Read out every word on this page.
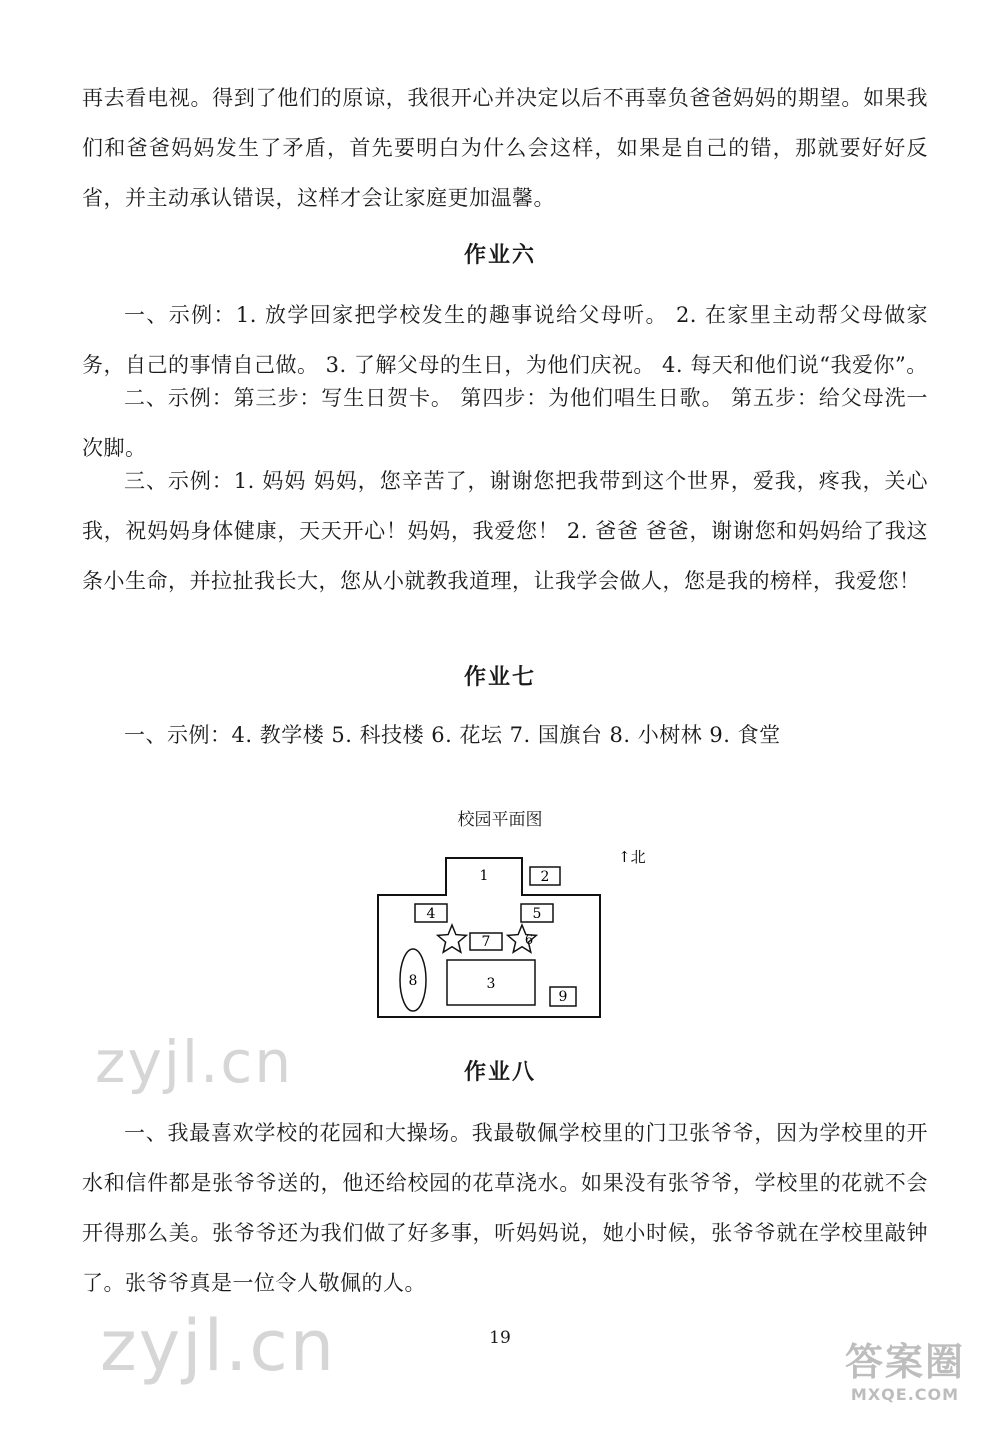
再去看电视。得到了他们的原谅，我很开心并决定以后不再辜负爸爸妈妈的期望。如果我们和爸爸妈妈发生了矛盾，首先要明白为什么会这样，如果是自己的错，那就要好好反省，并主动承认错误，这样才会让家庭更加温馨。

作业六

一、示例：1. 放学回家把学校发生的趣事说给父母听。 2. 在家里主动帮父母做家务，自己的事情自己做。 3. 了解父母的生日，为他们庆祝。 4. 每天和他们说“我爱你”。

二、示例：第三步：写生日贺卡。 第四步：为他们唱生日歌。 第五步：给父母洗一次脚。

三、示例：1. 妈妈 妈妈，您辛苦了，谢谢您把我带到这个世界，爱我，疼我，关心我，祝妈妈身体健康，天天开心！妈妈，我爱您！ 2. 爸爸 爸爸，谢谢您和妈妈给了我这条小生命，并拉扯我长大，您从小就教我道理，让我学会做人，您是我的榜样，我爱您！

作业七

一、示例：4. 教学楼 5. 科技楼 6. 花坛 7. 国旗台 8. 小树林 9. 食堂

校园平面图

1	2
↑北
4	5
6
7
8	3
9
zyjl.cn	作业八

一、我最喜欢学校的花园和大操场。我最敬佩学校里的门卫张爷爷，因为学校里的开水和信件都是张爷爷送的，他还给校园的花草浇水。如果没有张爷爷，学校里的花就不会开得那么美。张爷爷还为我们做了好多事，听妈妈说，她小时候，张爷爷就在学校里敲钟了。张爷爷真是一位令人敬佩的人。

zyjl.cn	19

答案圈
MXQE.COM
